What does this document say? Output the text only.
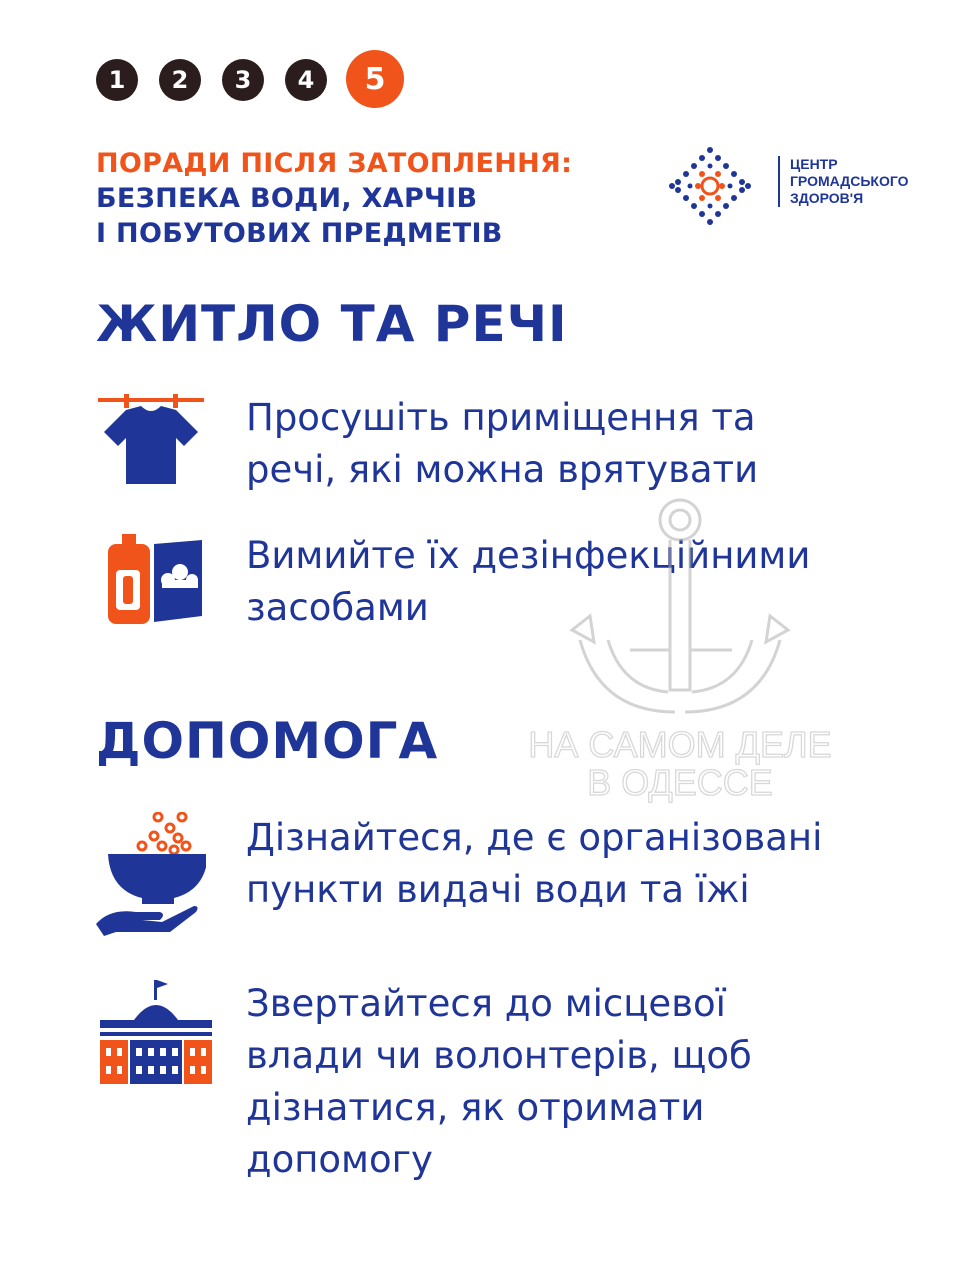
1	2	3	4	5
ПОРАДИ ПІСЛЯ ЗАТОПЛЕННЯ:
БЕЗПЕКА ВОДИ, ХАРЧІВ
І ПОБУТОВИХ ПРЕДМЕТІВ
ЦЕНТР
ГРОМАДСЬКОГО
ЗДОРОВ'Я
ЖИТЛО ТА РЕЧІ
Просушіть приміщення та
речі, які можна врятувати
Вимийте їх дезінфекційними
засобами
ДОПОМОГА
Дізнайтеся, де є організовані
пункти видачі води та їжі
Звертайтеся до місцевої
влади чи волонтерів, щоб
дізнатися, як отримати
допомогу
НА САМОМ ДЕЛЕ
В ОДЕССЕ
